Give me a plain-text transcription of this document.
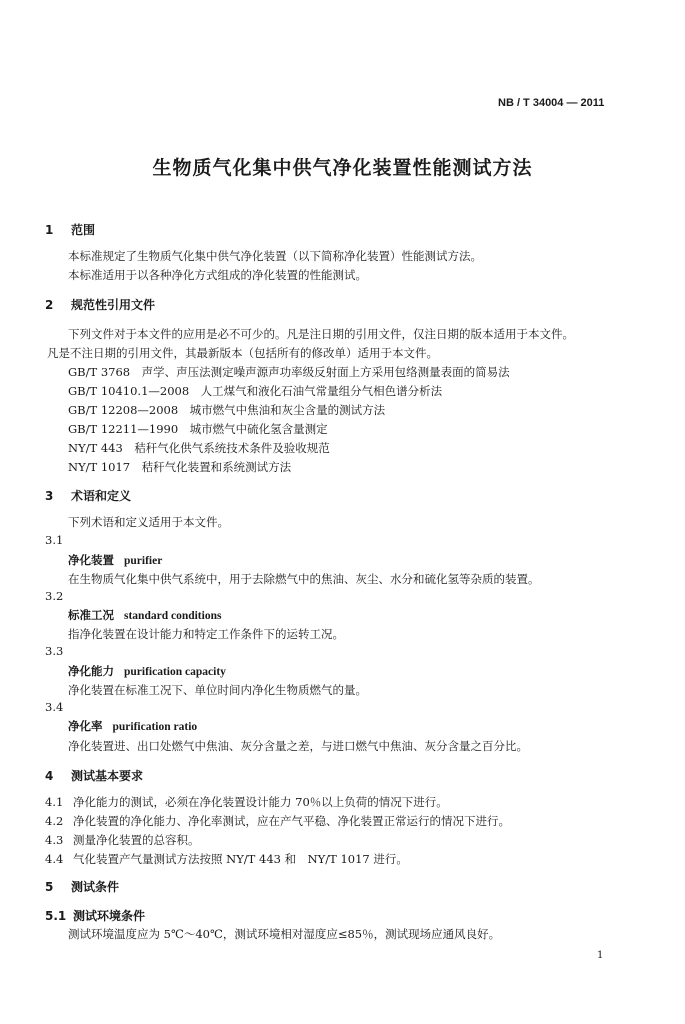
NB / T 34004 — 2011
生物质气化集中供气净化装置性能测试方法
1 范围
本标准规定了生物质气化集中供气净化装置（以下简称净化装置）性能测试方法。
本标准适用于以各种净化方式组成的净化装置的性能测试。
2 规范性引用文件
下列文件对于本文件的应用是必不可少的。凡是注日期的引用文件，仅注日期的版本适用于本文件。
凡是不注日期的引用文件，其最新版本（包括所有的修改单）适用于本文件。
GB/T 3768　声学、声压法测定噪声源声功率级反射面上方采用包络测量表面的简易法
GB/T 10410.1—2008　人工煤气和液化石油气常量组分气相色谱分析法
GB/T 12208—2008　城市燃气中焦油和灰尘含量的测试方法
GB/T 12211—1990　城市燃气中硫化氢含量测定
NY/T 443　秸秆气化供气系统技术条件及验收规范
NY/T 1017　秸秆气化装置和系统测试方法
3 术语和定义
下列术语和定义适用于本文件。
3.1
净化装置 purifier
在生物质气化集中供气系统中，用于去除燃气中的焦油、灰尘、水分和硫化氢等杂质的装置。
3.2
标准工况 standard conditions
指净化装置在设计能力和特定工作条件下的运转工况。
3.3
净化能力 purification capacity
净化装置在标准工况下、单位时间内净化生物质燃气的量。
3.4
净化率 purification ratio
净化装置进、出口处燃气中焦油、灰分含量之差，与进口燃气中焦油、灰分含量之百分比。
4 测试基本要求
4.1 净化能力的测试，必须在净化装置设计能力 70％以上负荷的情况下进行。
4.2 净化装置的净化能力、净化率测试，应在产气平稳、净化装置正常运行的情况下进行。
4.3 测量净化装置的总容积。
4.4 气化装置产气量测试方法按照 NY/T 443 和　NY/T 1017 进行。
5 测试条件
5.1 测试环境条件
测试环境温度应为 5℃～40℃，测试环境相对湿度应≤85％，测试现场应通风良好。
1
